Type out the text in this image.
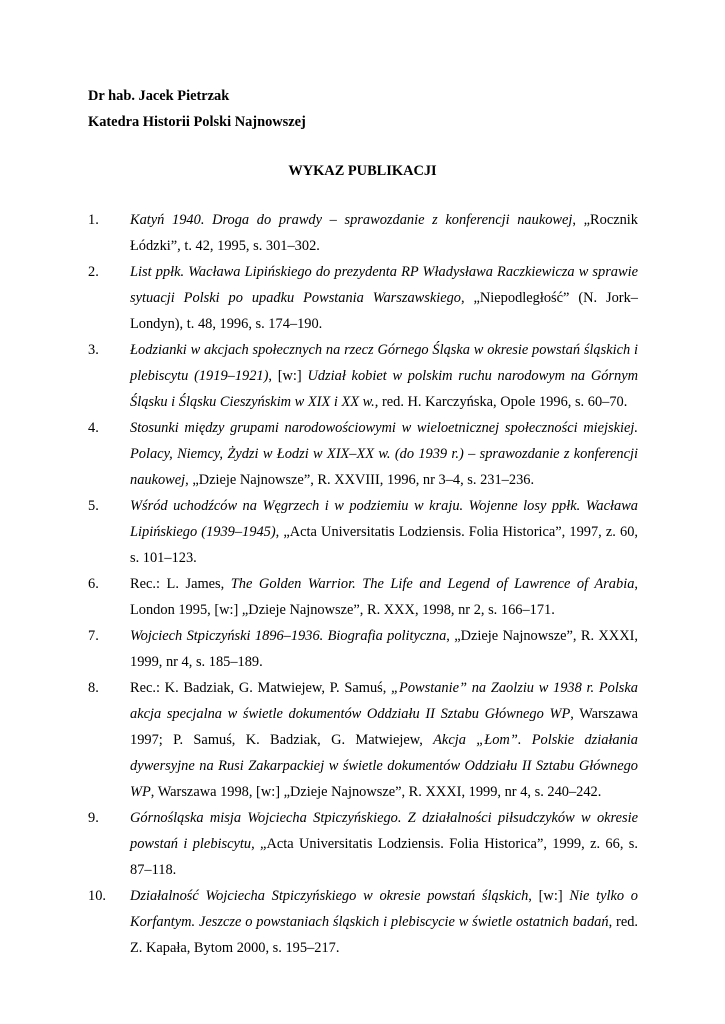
Dr hab. Jacek Pietrzak
Katedra Historii Polski Najnowszej
WYKAZ PUBLIKACJI
1.	Katyń 1940. Droga do prawdy – sprawozdanie z konferencji naukowej, „Rocznik Łódzki”, t. 42, 1995, s. 301–302.
2.	List ppłk. Wacława Lipińskiego do prezydenta RP Władysława Raczkiewicza w sprawie sytuacji Polski po upadku Powstania Warszawskiego, „Niepodległość” (N. Jork–Londyn), t. 48, 1996, s. 174–190.
3.	Łodzianki w akcjach społecznych na rzecz Górnego Śląska w okresie powstań śląskich i plebiscytu (1919–1921), [w:] Udział kobiet w polskim ruchu narodowym na Górnym Śląsku i Śląsku Cieszyńskim w XIX i XX w., red. H. Karczyńska, Opole 1996, s. 60–70.
4.	Stosunki między grupami narodowościowymi w wieloetnicznej społeczności miejskiej. Polacy, Niemcy, Żydzi w Łodzi w XIX–XX w. (do 1939 r.) – sprawozdanie z konferencji naukowej, „Dzieje Najnowsze”, R. XXVIII, 1996, nr 3–4, s. 231–236.
5.	Wśród uchodźców na Węgrzech i w podziemiu w kraju. Wojenne losy ppłk. Wacława Lipińskiego (1939–1945), „Acta Universitatis Lodziensis. Folia Historica”, 1997, z. 60, s. 101–123.
6.	Rec.: L. James, The Golden Warrior. The Life and Legend of Lawrence of Arabia, London 1995, [w:] „Dzieje Najnowsze”, R. XXX, 1998, nr 2, s. 166–171.
7.	Wojciech Stpiczyński 1896–1936. Biografia polityczna, „Dzieje Najnowsze”, R. XXXI, 1999, nr 4, s. 185–189.
8.	Rec.: K. Badziak, G. Matwiejew, P. Samuś, „Powstanie” na Zaolziu w 1938 r. Polska akcja specjalna w świetle dokumentów Oddziału II Sztabu Głównego WP, Warszawa 1997; P. Samuś, K. Badziak, G. Matwiejew, Akcja „Łom”. Polskie działania dywersyjne na Rusi Zakarpackiej w świetle dokumentów Oddziału II Sztabu Głównego WP, Warszawa 1998, [w:] „Dzieje Najnowsze”, R. XXXI, 1999, nr 4, s. 240–242.
9.	Górnośląska misja Wojciecha Stpiczyńskiego. Z działalności piłsudczyków w okresie powstań i plebiscytu, „Acta Universitatis Lodziensis. Folia Historica”, 1999, z. 66, s. 87–118.
10.	Działalność Wojciecha Stpiczyńskiego w okresie powstań śląskich, [w:] Nie tylko o Korfantym. Jeszcze o powstaniach śląskich i plebiscycie w świetle ostatnich badań, red. Z. Kapała, Bytom 2000, s. 195–217.
